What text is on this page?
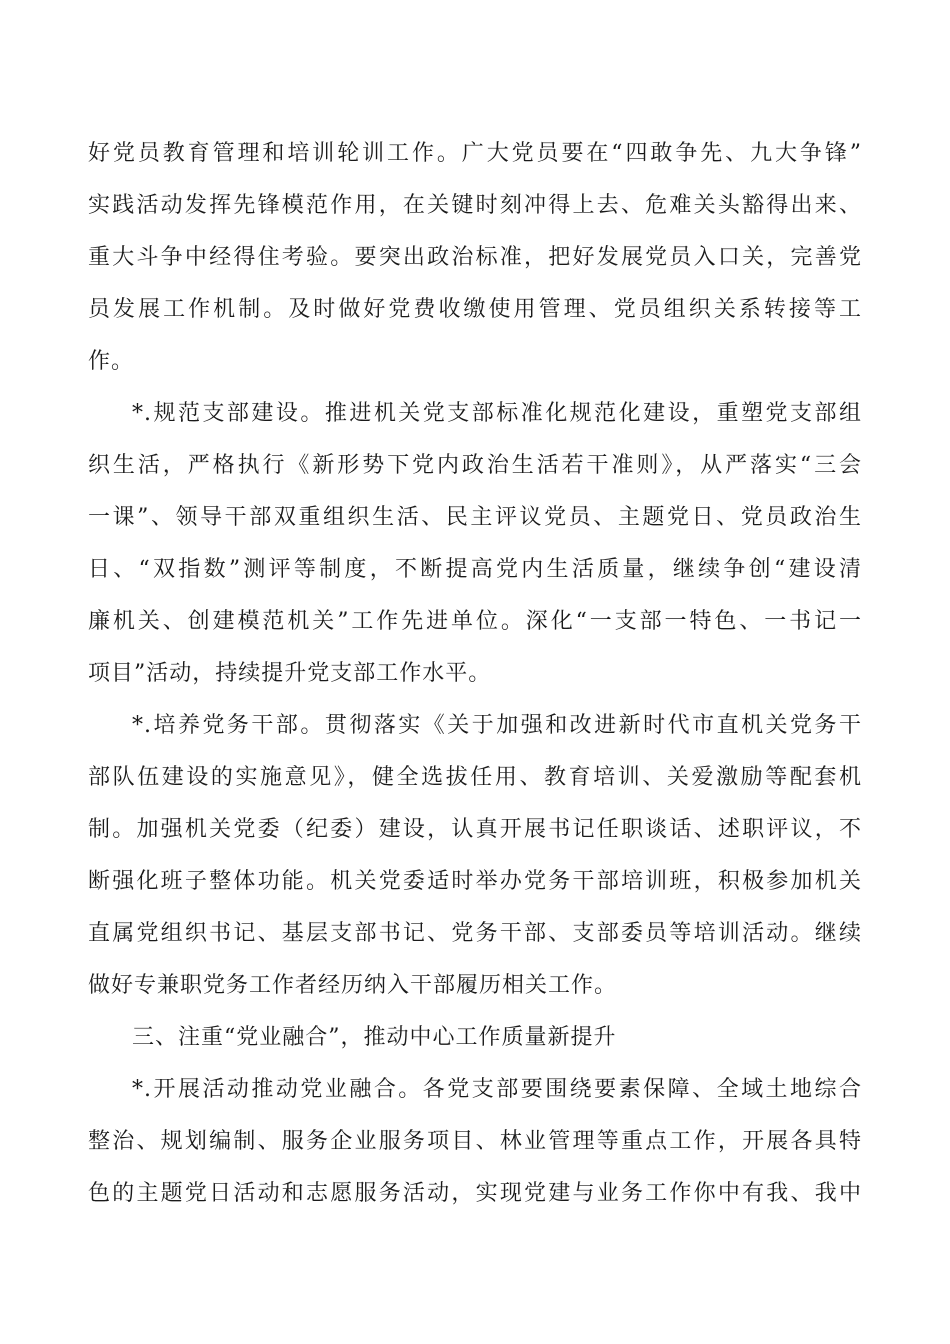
好党员教育管理和培训轮训工作。广大党员要在“四敢争先、九大争锋”
实践活动发挥先锋模范作用，在关键时刻冲得上去、危难关头豁得出来、
重大斗争中经得住考验。要突出政治标准，把好发展党员入口关，完善党
员发展工作机制。及时做好党费收缴使用管理、党员组织关系转接等工
作。
*.规范支部建设。推进机关党支部标准化规范化建设，重塑党支部组
织生活，严格执行《新形势下党内政治生活若干准则》，从严落实“三会
一课”、领导干部双重组织生活、民主评议党员、主题党日、党员政治生
日、“双指数”测评等制度，不断提高党内生活质量，继续争创“建设清
廉机关、创建模范机关”工作先进单位。深化“一支部一特色、一书记一
项目”活动，持续提升党支部工作水平。
*.培养党务干部。贯彻落实《关于加强和改进新时代市直机关党务干
部队伍建设的实施意见》，健全选拔任用、教育培训、关爱激励等配套机
制。加强机关党委（纪委）建设，认真开展书记任职谈话、述职评议，不
断强化班子整体功能。机关党委适时举办党务干部培训班，积极参加机关
直属党组织书记、基层支部书记、党务干部、支部委员等培训活动。继续
做好专兼职党务工作者经历纳入干部履历相关工作。
三、注重“党业融合”，推动中心工作质量新提升
*.开展活动推动党业融合。各党支部要围绕要素保障、全域土地综合
整治、规划编制、服务企业服务项目、林业管理等重点工作，开展各具特
色的主题党日活动和志愿服务活动，实现党建与业务工作你中有我、我中
